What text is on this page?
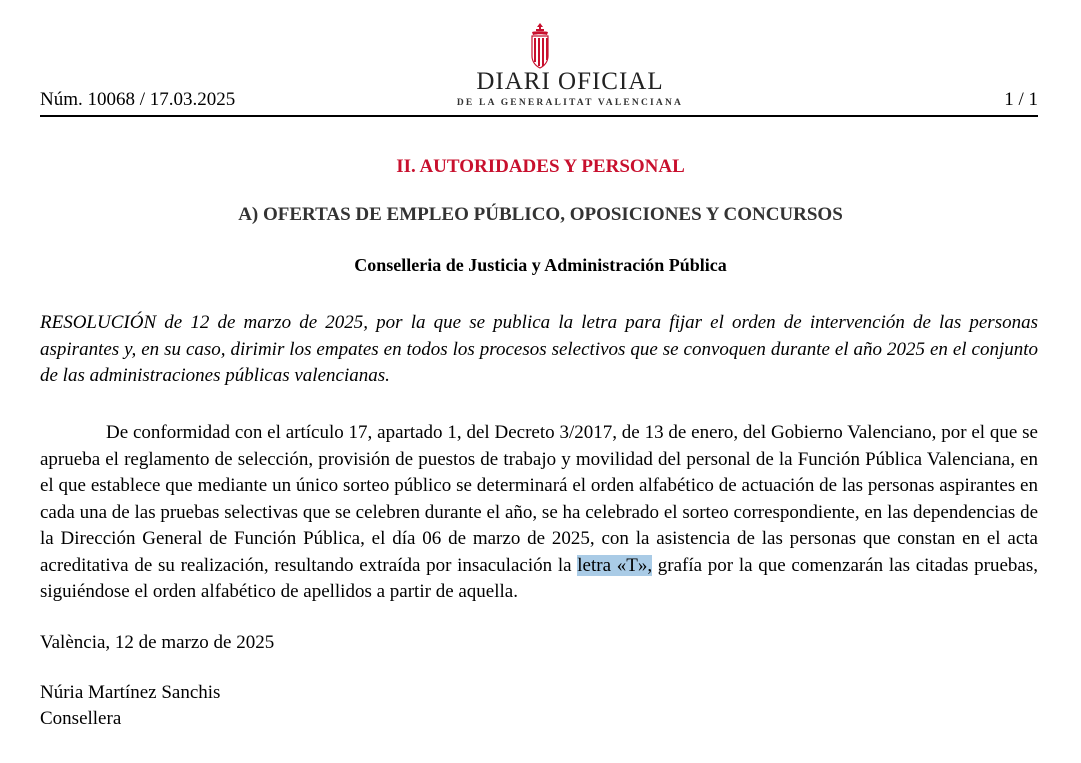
Núm. 10068 / 17.03.2025
DIARI OFICIAL
DE LA GENERALITAT VALENCIANA	1 / 1
II. AUTORIDADES Y PERSONAL
A) OFERTAS DE EMPLEO PÚBLICO, OPOSICIONES Y CONCURSOS
Conselleria de Justicia y Administración Pública

RESOLUCIÓN de 12 de marzo de 2025, por la que se publica la letra para fijar el orden de intervención de las personas aspirantes y, en su caso, dirimir los empates en todos los procesos selectivos que se convoquen durante el año 2025 en el conjunto de las administraciones públicas valencianas.

De conformidad con el artículo 17, apartado 1, del Decreto 3/2017, de 13 de enero, del Gobierno Valenciano, por el que se aprueba el reglamento de selección, provisión de puestos de trabajo y movilidad del personal de la Función Pública Valenciana, en el que establece que mediante un único sorteo público se determinará el orden alfabético de actuación de las personas aspirantes en cada una de las pruebas selectivas que se celebren durante el año, se ha celebrado el sorteo correspondiente, en las dependencias de la Dirección General de Función Pública, el día 06 de marzo de 2025, con la asistencia de las personas que constan en el acta acreditativa de su realización, resultando extraída por insaculación la letra «T», grafía por la que comenzarán las citadas pruebas, siguiéndose el orden alfabético de apellidos a partir de aquella.

València, 12 de marzo de 2025
Núria Martínez Sanchis
Consellera
